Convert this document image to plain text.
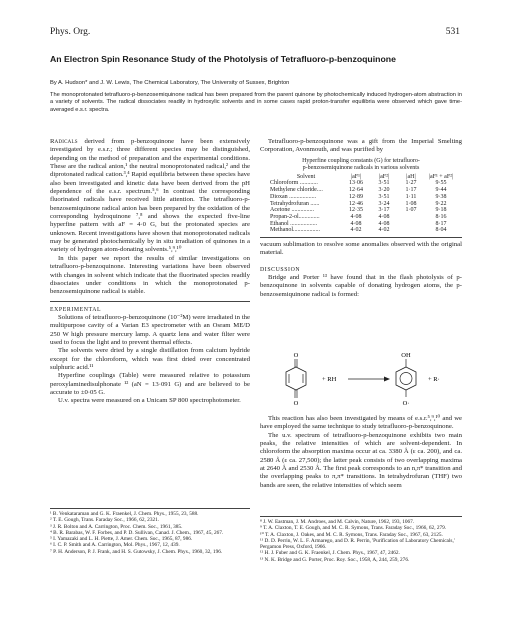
Phys. Org.	531
An Electron Spin Resonance Study of the Photolysis of Tetrafluoro-p-benzoquinone
By A. Hudson* and J. W. Lewis, The Chemical Laboratory, The University of Sussex, Brighton
The monoprotonated tetrafluoro-p-benzosemiquinone radical has been prepared from the parent quinone by photochemically induced hydrogen-atom abstraction in a variety of solvents. The radical dissociates readily in hydroxylic solvents and in some cases rapid proton-transfer equilibria were observed which gave time-averaged e.s.r. spectra.

Radicals derived from p-benzoquinone have been extensively investigated by e.s.r.; three different species may be distinguished, depending on the method of preparation and the experimental conditions. These are the radical anion,¹ the neutral monoprotonated radical,² and the diprotonated radical cation.³,⁴ Rapid equilibria between these species have also been investigated and kinetic data have been derived from the pH dependence of the e.s.r. spectrum.⁵,⁶ In contrast the corresponding fluorinated radicals have received little attention. The tetrafluoro-p-benzosemiquinone radical anion has been prepared by the oxidation of the corresponding hydroquinone ⁷,⁸ and shows the expected five-line hyperfine pattern with aF = 4·0 G, but the protonated species are unknown. Recent investigations have shown that monoprotonated radicals may be generated photochemically by in situ irradiation of quinones in a variety of hydrogen atom-donating solvents.⁵,⁹,¹⁰

In this paper we report the results of similar investigations on tetrafluoro-p-benzoquinone. Interesting variations have been observed with changes in solvent which indicate that the fluorinated species readily dissociates under conditions in which the monoprotonated p-benzosemiquinone radical is stable.

EXPERIMENTAL

Solutions of tetrafluoro-p-benzoquinone (10⁻²M) were irradiated in the multipurpose cavity of a Varian E3 spectrometer with an Osram ME/D 250 W high pressure mercury lamp. A quartz lens and water filter were used to focus the light and to prevent thermal effects.

The solvents were dried by a single distillation from calcium hydride except for the chloroform, which was first dried over concentrated sulphuric acid.¹¹

Hyperfine couplings (Table) were measured relative to potassium peroxylaminedisulphonate ¹² (aN = 13·091 G) and are believed to be accurate to ±0·05 G.

U.v. spectra were measured on a Unicam SP 800 spectrophotometer.

¹ B. Venkataraman and G. K. Fraenkel, J. Chem. Phys., 1955, 23, 588.

² T. E. Gough, Trans. Faraday Soc., 1966, 62, 2321.

³ J. R. Bolton and A. Carrington, Proc. Chem. Soc., 1961, 385.

⁴ B. R. Barabas, W. F. Forbes, and P. D. Sullivan, Canad. J. Chem., 1967, 45, 267.

⁵ I. Yamazaki and L. H. Piette, J. Amer. Chem. Soc., 1965, 87, 986.

⁶ I. C. P. Smith and A. Carrington, Mol. Phys., 1967, 12, 439.

⁷ P. H. Anderson, P. J. Frank, and H. S. Gutowsky, J. Chem. Phys., 1960, 32, 196.

Tetrafluoro-p-benzoquinone was a gift from the Imperial Smelting Corporation, Avonmouth, and was purified by

Hyperfine coupling constants (G) for tetrafluoro-
p-benzosemiquinone radicals in various solvents
Solvent	|aF¹|	|aF²|	|aH|	|aF¹ + aF²|
Chloroform ............	13·06	3·51	1·27	9·55
Methylene chloride....	12·64	3·20	1·17	9·44
Dioxan ..................	12·89	3·51	1·11	9·38
Tetrahydrofuran ......	12·46	3·24	1·08	9·22
Acetone ...............	12·35	3·17	1·07	9·18
Propan-2-ol..............	4·08	4·08		8·16
Ethanol ..................	4·08	4·08		8·17
Methanol..................	4·02	4·02		8·04

vacuum sublimation to resolve some anomalies observed with the original material.

DISCUSSION

Bridge and Porter ¹³ have found that in the flash photolysis of p-benzoquinone in solvents capable of donating hydrogen atoms, the p-benzosemiquinone radical is formed:

O
O
+ RH
OH
O·
+ R·

This reaction has also been investigated by means of e.s.r.⁵,⁹,¹⁰ and we have employed the same technique to study tetrafluoro-p-benzoquinone.

The u.v. spectrum of tetrafluoro-p-benzoquinone exhibits two main peaks, the relative intensities of which are solvent-dependent. In chloroform the absorption maxima occur at ca. 3380 Å (ε ca. 200), and ca. 2580 Å (ε ca. 27,500); the latter peak consists of two overlapping maxima at 2640 Å and 2530 Å. The first peak corresponds to an n,π* transition and the overlapping peaks to π,π* transitions. In tetrahydrofuran (THF) two bands are seen, the relative intensities of which seem

⁸ J. W. Eastman, J. M. Androes, and M. Calvin, Nature, 1962, 193, 1067.

⁹ T. A. Claxton, T. E. Gough, and M. C. R. Symons, Trans. Faraday Soc., 1966, 62, 279.

¹⁰ T. A. Claxton, J. Oakes, and M. C. R. Symons, Trans. Faraday Soc., 1967, 63, 2125.

¹¹ D. D. Perrin, W. L. F. Armarego, and D. R. Perrin, 'Purification of Laboratory Chemicals,' Pergamon Press, Oxford, 1966.

¹² H. J. Fuber and G. K. Fraenkel, J. Chem. Phys., 1967, 47, 2462.

¹³ N. K. Bridge and G. Porter, Proc. Roy. Soc., 1958, A, 244, 259, 276.
